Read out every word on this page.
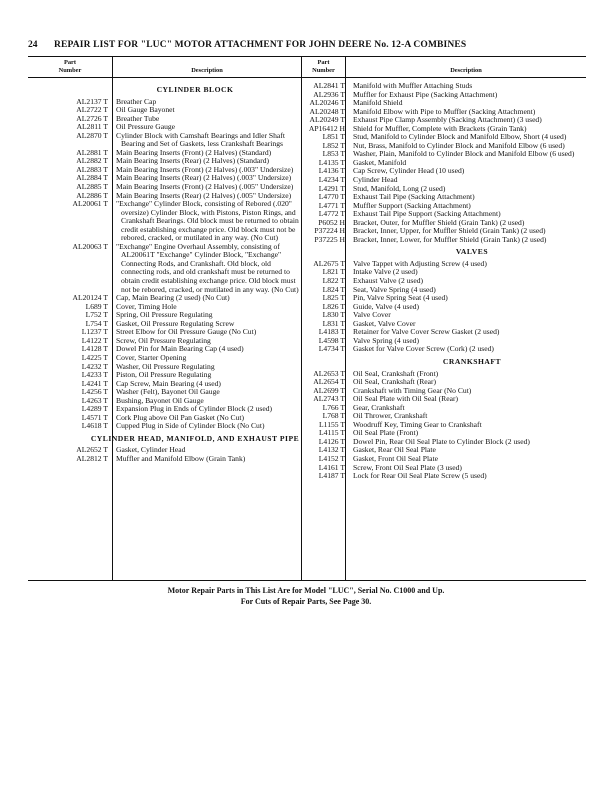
24 REPAIR LIST FOR "LUC" MOTOR ATTACHMENT FOR JOHN DEERE No. 12-A COMBINES
Part
Number	Description
Part
Number	Description
CYLINDER BLOCK
AL2137 T	Breather Cap
AL2722 T	Oil Gauge Bayonet
AL2726 T	Breather Tube
AL2811 T	Oil Pressure Gauge
AL2870 T	Cylinder Block with Camshaft Bearings and Idler Shaft Bearing and Set of Gaskets, less Crankshaft Bearings
AL2881 T	Main Bearing Inserts (Front) (2 Halves) (Standard)
AL2882 T	Main Bearing Inserts (Rear) (2 Halves) (Standard)
AL2883 T	Main Bearing Inserts (Front) (2 Halves) (.003" Undersize)
AL2884 T	Main Bearing Inserts (Rear) (2 Halves) (.003" Undersize)
AL2885 T	Main Bearing Inserts (Front) (2 Halves) (.005" Undersize)
AL2886 T	Main Bearing Inserts (Rear) (2 Halves) (.005" Undersize)
AL20061 T	"Exchange" Cylinder Block, consisting of Rebored (.020" oversize) Cylinder Block, with Pistons, Piston Rings, and Crankshaft Bearings. Old block must be returned to obtain credit establishing exchange price. Old block must not be rebored, cracked, or mutilated in any way. (No Cut)
AL20063 T	"Exchange" Engine Overhaul Assembly, consisting of AL20061T "Exchange" Cylinder Block, "Exchange" Connecting Rods, and Crankshaft. Old block, old connecting rods, and old crankshaft must be returned to obtain credit establishing exchange price. Old block must not be rebored, cracked, or mutilated in any way. (No Cut)
AL20124 T	Cap, Main Bearing (2 used) (No Cut)
L689 T	Cover, Timing Hole
L752 T	Spring, Oil Pressure Regulating
L754 T	Gasket, Oil Pressure Regulating Screw
L1237 T	Street Elbow for Oil Pressure Gauge (No Cut)
L4122 T	Screw, Oil Pressure Regulating
L4128 T	Dowel Pin for Main Bearing Cap (4 used)
L4225 T	Cover, Starter Opening
L4232 T	Washer, Oil Pressure Regulating
L4233 T	Piston, Oil Pressure Regulating
L4241 T	Cap Screw, Main Bearing (4 used)
L4256 T	Washer (Felt), Bayonet Oil Gauge
L4263 T	Bushing, Bayonet Oil Gauge
L4289 T	Expansion Plug in Ends of Cylinder Block (2 used)
L4571 T	Cork Plug above Oil Pan Gasket (No Cut)
L4618 T	Cupped Plug in Side of Cylinder Block (No Cut)
CYLINDER HEAD, MANIFOLD, AND EXHAUST PIPE
AL2652 T	Gasket, Cylinder Head
AL2812 T	Muffler and Manifold Elbow (Grain Tank)
AL2841 T	Manifold with Muffler Attaching Studs
AL2936 T	Muffler for Exhaust Pipe (Sacking Attachment)
AL20246 T	Manifold Shield
AL20248 T	Manifold Elbow with Pipe to Muffler (Sacking Attachment)
AL20249 T	Exhaust Pipe Clamp Assembly (Sacking Attachment) (3 used)
AP16412 H	Shield for Muffler, Complete with Brackets (Grain Tank)
L851 T	Stud, Manifold to Cylinder Block and Manifold Elbow, Short (4 used)
L852 T	Nut, Brass, Manifold to Cylinder Block and Manifold Elbow (6 used)
L853 T	Washer, Plain, Manifold to Cylinder Block and Manifold Elbow (6 used)
L4135 T	Gasket, Manifold
L4136 T	Cap Screw, Cylinder Head (10 used)
L4234 T	Cylinder Head
L4291 T	Stud, Manifold, Long (2 used)
L4770 T	Exhaust Tail Pipe (Sacking Attachment)
L4771 T	Muffler Support (Sacking Attachment)
L4772 T	Exhaust Tail Pipe Support (Sacking Attachment)
P6052 H	Bracket, Outer, for Muffler Shield (Grain Tank) (2 used)
P37224 H	Bracket, Inner, Upper, for Muffler Shield (Grain Tank) (2 used)
P37225 H	Bracket, Inner, Lower, for Muffler Shield (Grain Tank) (2 used)
VALVES
AL2675 T	Valve Tappet with Adjusting Screw (4 used)
L821 T	Intake Valve (2 used)
L822 T	Exhaust Valve (2 used)
L824 T	Seat, Valve Spring (4 used)
L825 T	Pin, Valve Spring Seat (4 used)
L826 T	Guide, Valve (4 used)
L830 T	Valve Cover
L831 T	Gasket, Valve Cover
L4183 T	Retainer for Valve Cover Screw Gasket (2 used)
L4598 T	Valve Spring (4 used)
L4734 T	Gasket for Valve Cover Screw (Cork) (2 used)
CRANKSHAFT
AL2653 T	Oil Seal, Crankshaft (Front)
AL2654 T	Oil Seal, Crankshaft (Rear)
AL2699 T	Crankshaft with Timing Gear (No Cut)
AL2743 T	Oil Seal Plate with Oil Seal (Rear)
L766 T	Gear, Crankshaft
L768 T	Oil Thrower, Crankshaft
L1155 T	Woodruff Key, Timing Gear to Crankshaft
L4115 T	Oil Seal Plate (Front)
L4126 T	Dowel Pin, Rear Oil Seal Plate to Cylinder Block (2 used)
L4132 T	Gasket, Rear Oil Seal Plate
L4152 T	Gasket, Front Oil Seal Plate
L4161 T	Screw, Front Oil Seal Plate (3 used)
L4187 T	Lock for Rear Oil Seal Plate Screw (5 used)
Motor Repair Parts in This List Are for Model "LUC", Serial No. C1000 and Up.
For Cuts of Repair Parts, See Page 30.
